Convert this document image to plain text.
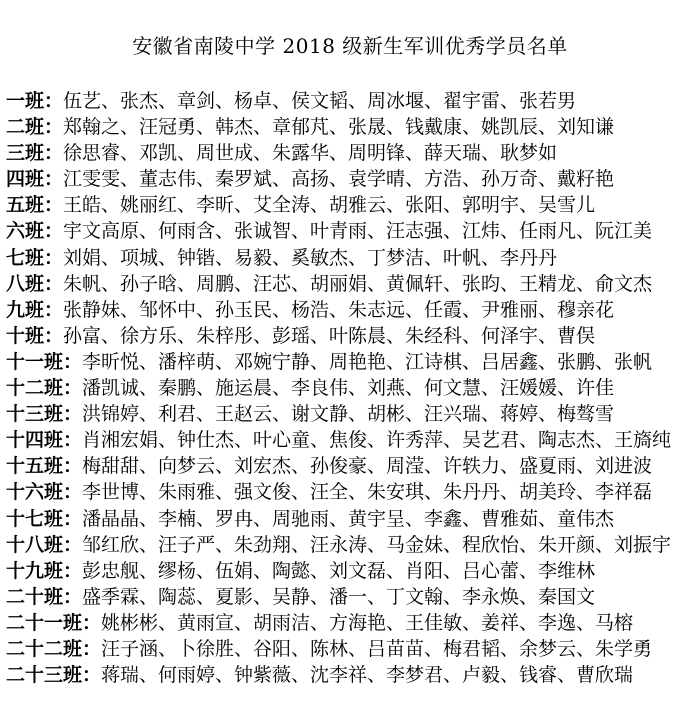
安徽省南陵中学 2018 级新生军训优秀学员名单
一班：伍艺、张杰、章剑、杨卓、侯文韬、周冰堰、翟宇雷、张若男
二班：郑翰之、汪冠勇、韩杰、章郁芃、张晟、钱戴康、姚凯辰、刘知谦
三班：徐思睿、邓凯、周世成、朱露华、周明锋、薛天瑞、耿梦如
四班：江雯雯、董志伟、秦罗斌、高扬、袁学晴、方浩、孙万奇、戴籽艳
五班：王皓、姚丽红、李昕、艾全涛、胡雅云、张阳、郭明宇、吴雪儿
六班：宇文高原、何雨含、张诚智、叶青雨、汪志强、江炜、任雨凡、阮江美
七班：刘娟、项城、钟锴、易毅、奚敏杰、丁梦洁、叶帆、李丹丹
八班：朱帆、孙子晗、周鹏、汪芯、胡丽娟、黄佩轩、张昀、王精龙、俞文杰
九班：张静妹、邹怀中、孙玉民、杨浩、朱志远、任霞、尹雅丽、穆亲花
十班：孙富、徐方乐、朱梓彤、彭瑶、叶陈晨、朱经科、何泽宇、曹俣
十一班：李昕悦、潘梓萌、邓婉宁静、周艳艳、江诗棋、吕居鑫、张鹏、张帆
十二班：潘凯诚、秦鹏、施运晨、李良伟、刘燕、何文慧、汪媛媛、许佳
十三班：洪锦婷、利君、王赵云、谢文静、胡彬、汪兴瑞、蒋婷、梅骜雪
十四班：肖湘宏娟、钟仕杰、叶心童、焦俊、许秀萍、吴艺君、陶志杰、王旖纯
十五班：梅甜甜、向梦云、刘宏杰、孙俊豪、周滢、许轶力、盛夏雨、刘进波
十六班：李世博、朱雨雅、强文俊、汪全、朱安琪、朱丹丹、胡美玲、李祥磊
十七班：潘晶晶、李楠、罗冉、周驰雨、黄宇呈、李鑫、曹雅茹、童伟杰
十八班：邹红欣、汪子严、朱劲翔、汪永涛、马金妹、程欣怡、朱开颜、刘振宇
十九班：彭忠舰、缪杨、伍娟、陶懿、刘文磊、肖阳、吕心蕾、李维林
二十班：盛季霖、陶蕊、夏影、吴静、潘一、丁文翰、李永焕、秦国文
二十一班：姚彬彬、黄雨宣、胡雨洁、方海艳、王佳敏、姜祥、李逸、马榕
二十二班：汪子涵、卜徐胜、谷阳、陈林、吕苗苗、梅君韬、余梦云、朱学勇
二十三班：蒋瑞、何雨婷、钟紫薇、沈李祥、李梦君、卢毅、钱睿、曹欣瑞
